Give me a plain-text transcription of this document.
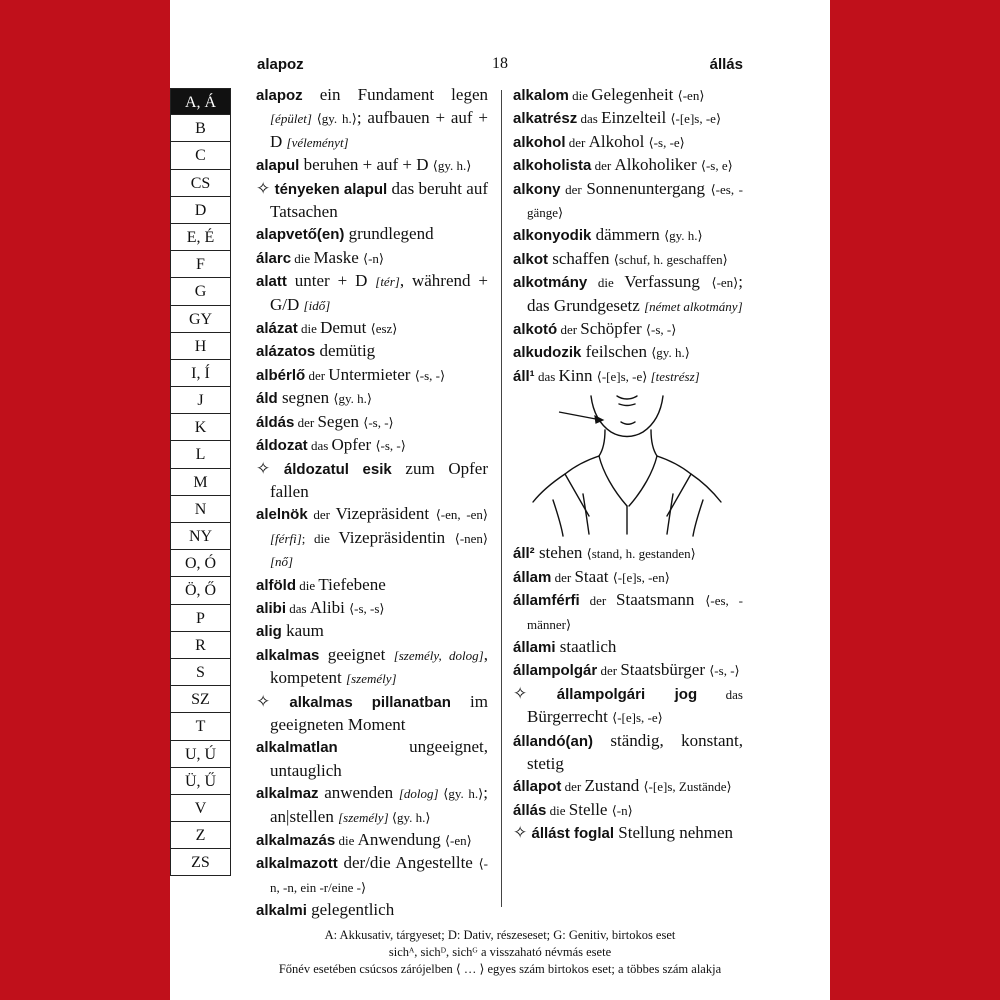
alapoz	18	állás
A, Á
B
C
CS
D
E, É
F
G
GY
H
I, Í
J
K
L
M
N
NY
O, Ó
Ö, Ő
P
R
S
SZ
T
U, Ú
Ü, Ű
V
Z
ZS
alapoz ein Fundament legen [épület] ⟨gy. h.⟩; aufbauen + auf + D [véleményt]
alapul beruhen + auf + D ⟨gy. h.⟩
✧ tényeken alapul das beruht auf Tatsachen
alapvető(en) grundlegend
álarc die Maske ⟨-n⟩
alatt unter + D [tér], während + G/D [idő]
alázat die Demut ⟨esz⟩
alázatos demütig
albérlő der Untermieter ⟨-s, -⟩
áld segnen ⟨gy. h.⟩
áldás der Segen ⟨-s, -⟩
áldozat das Opfer ⟨-s, -⟩
✧ áldozatul esik zum Opfer fallen
alelnök der Vizepräsident ⟨-en, -en⟩ [férfi]; die Vizepräsidentin ⟨-nen⟩ [nő]
alföld die Tiefebene
alibi das Alibi ⟨-s, -s⟩
alig kaum
alkalmas geeignet [személy, dolog], kompetent [személy]
✧ alkalmas pillanatban im geeigneten Moment
alkalmatlan ungeeignet, untauglich
alkalmaz anwenden [dolog] ⟨gy. h.⟩; an|stellen [személy] ⟨gy. h.⟩
alkalmazás die Anwendung ⟨-en⟩
alkalmazott der/die Angestellte ⟨-n, -n, ein -r/eine -⟩
alkalmi gelegentlich
alkalom die Gelegenheit ⟨-en⟩
alkatrész das Einzelteil ⟨-[e]s, -e⟩
alkohol der Alkohol ⟨-s, -e⟩
alkoholista der Alkoholiker ⟨-s, e⟩
alkony der Sonnenuntergang ⟨-es, -gänge⟩
alkonyodik dämmern ⟨gy. h.⟩
alkot schaffen ⟨schuf, h. geschaffen⟩
alkotmány die Verfassung ⟨-en⟩; das Grundgesetz [német alkotmány]
alkotó der Schöpfer ⟨-s, -⟩
alkudozik feilschen ⟨gy. h.⟩
áll¹ das Kinn ⟨-[e]s, -e⟩ [testrész]
áll² stehen ⟨stand, h. gestanden⟩
állam der Staat ⟨-[e]s, -en⟩
államférfi der Staatsmann ⟨-es, -männer⟩
állami staatlich
állampolgár der Staatsbürger ⟨-s, -⟩
✧ állampolgári jog das Bürgerrecht ⟨-[e]s, -e⟩
állandó(an) ständig, konstant, stetig
állapot der Zustand ⟨-[e]s, Zustände⟩
állás die Stelle ⟨-n⟩
✧ állást foglal Stellung nehmen
A: Akkusativ, tárgyeset; D: Dativ, részeseset; G: Genitiv, birtokos eset
sichᴬ, sichᴰ, sichᴳ a visszaható névmás esete
Főnév esetében csúcsos zárójelben ⟨ … ⟩ egyes szám birtokos eset; a többes szám alakja
